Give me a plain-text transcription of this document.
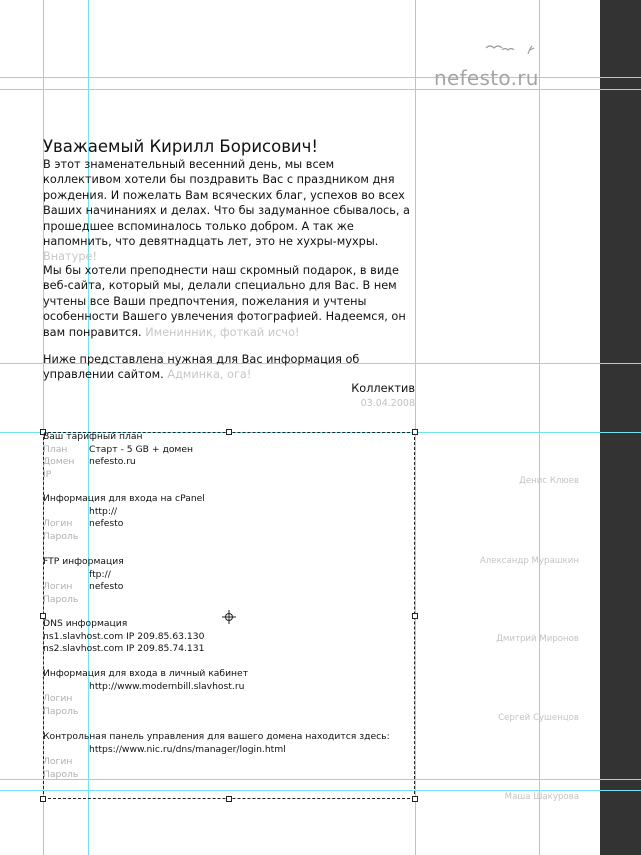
nefesto.ru
Уважаемый Кирилл Борисович!
В этот знаменательный весенний день, мы всем коллективом хотели бы поздравить Вас с праздником дня рождения. И пожелать Вам всяческих благ, успехов во всех Ваших начинаниях и делах. Что бы задуманное сбывалось, а прошедшее вспоминалось только добром. А так же напомнить, что девятнадцать лет, это не хухры-мухры. Внатуре!
Мы бы хотели преподнести наш скромный подарок, в виде веб-сайта, который мы, делали специально для Вас. В нем учтены все Ваши предпочтения, пожелания и учтены особенности Вашего увлечения фотографией. Надеемся, он вам понравится. Именинник, фоткай исчо!
Ниже представлена нужная для Вас информация об управлении сайтом. Админка, ога!
Коллектив
03.04.2008
Ваш тарифный план
План Старт - 5 GB + домен
Домен nefesto.ru
IP
Информация для входа на cPanel
http://
Логин nefesto
Пароль
FTP информация
ftp://
Логин nefesto
Пароль
DNS информация
ns1.slavhost.com IP 209.85.63.130
ns2.slavhost.com IP 209.85.74.131
Информация для входа в личный кабинет
http://www.modernbill.slavhost.ru
Логин
Пароль
Контрольная панель управления для вашего домена находится здесь:
https://www.nic.ru/dns/manager/login.html
Логин
Пароль
Денис Клюев
Александр Мурашкин
Дмитрий Миронов
Сергей Сушенцов
Маша Шакурова
